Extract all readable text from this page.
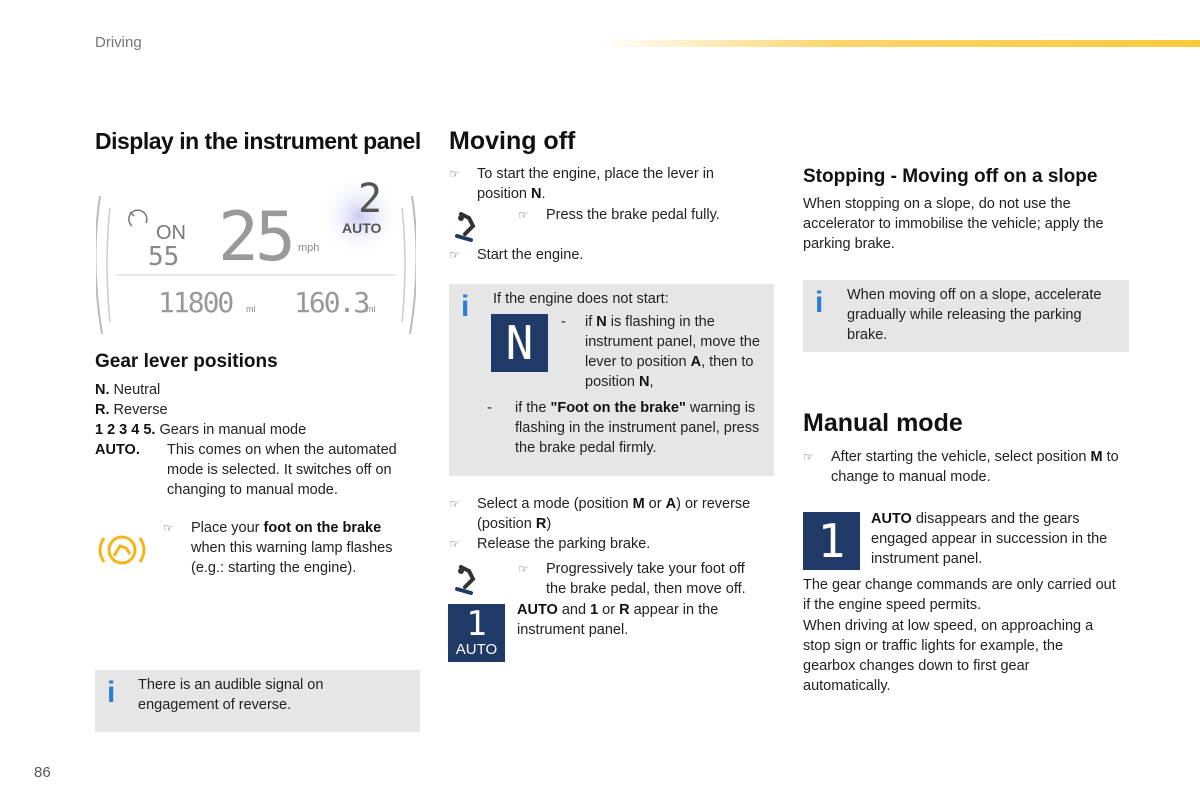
Driving
Display in the instrument panel
ON
55 25 mph
2
AUTO
11800 mi 160.3
mi
Gear lever positions
N. Neutral
R. Reverse
1 2 3 4 5. Gears in manual mode
AUTO. This comes on when the automated mode is selected. It switches off on changing to manual mode.
☞ Place your foot on the brake when this warning lamp flashes (e.g.: starting the engine).
i There is an audible signal on engagement of reverse.

Moving off
☞ To start the engine, place the lever in position N.
☞ Press the brake pedal fully.
☞ Start the engine.
i If the engine does not start:

N - if N is flashing in the instrument panel, move the lever to position A, then to position N,
- if the "Foot on the brake" warning is flashing in the instrument panel, press the brake pedal firmly.
☞ Select a mode (position M or A) or reverse (position R)
☞ Release the parking brake.
☞ Progressively take your foot off the brake pedal, then move off.
1
AUTO

AUTO and 1 or R appear in the instrument panel.

Stopping - Moving off on a slope

When stopping on a slope, do not use the accelerator to immobilise the vehicle; apply the parking brake.

i When moving off on a slope, accelerate gradually while releasing the parking brake.

Manual mode
☞ After starting the vehicle, select position M to change to manual mode.
1 AUTO disappears and the gears engaged appear in succession in the instrument panel.

The gear change commands are only carried out if the engine speed permits.

When driving at low speed, on approaching a stop sign or traffic lights for example, the gearbox changes down to first gear automatically.

86
